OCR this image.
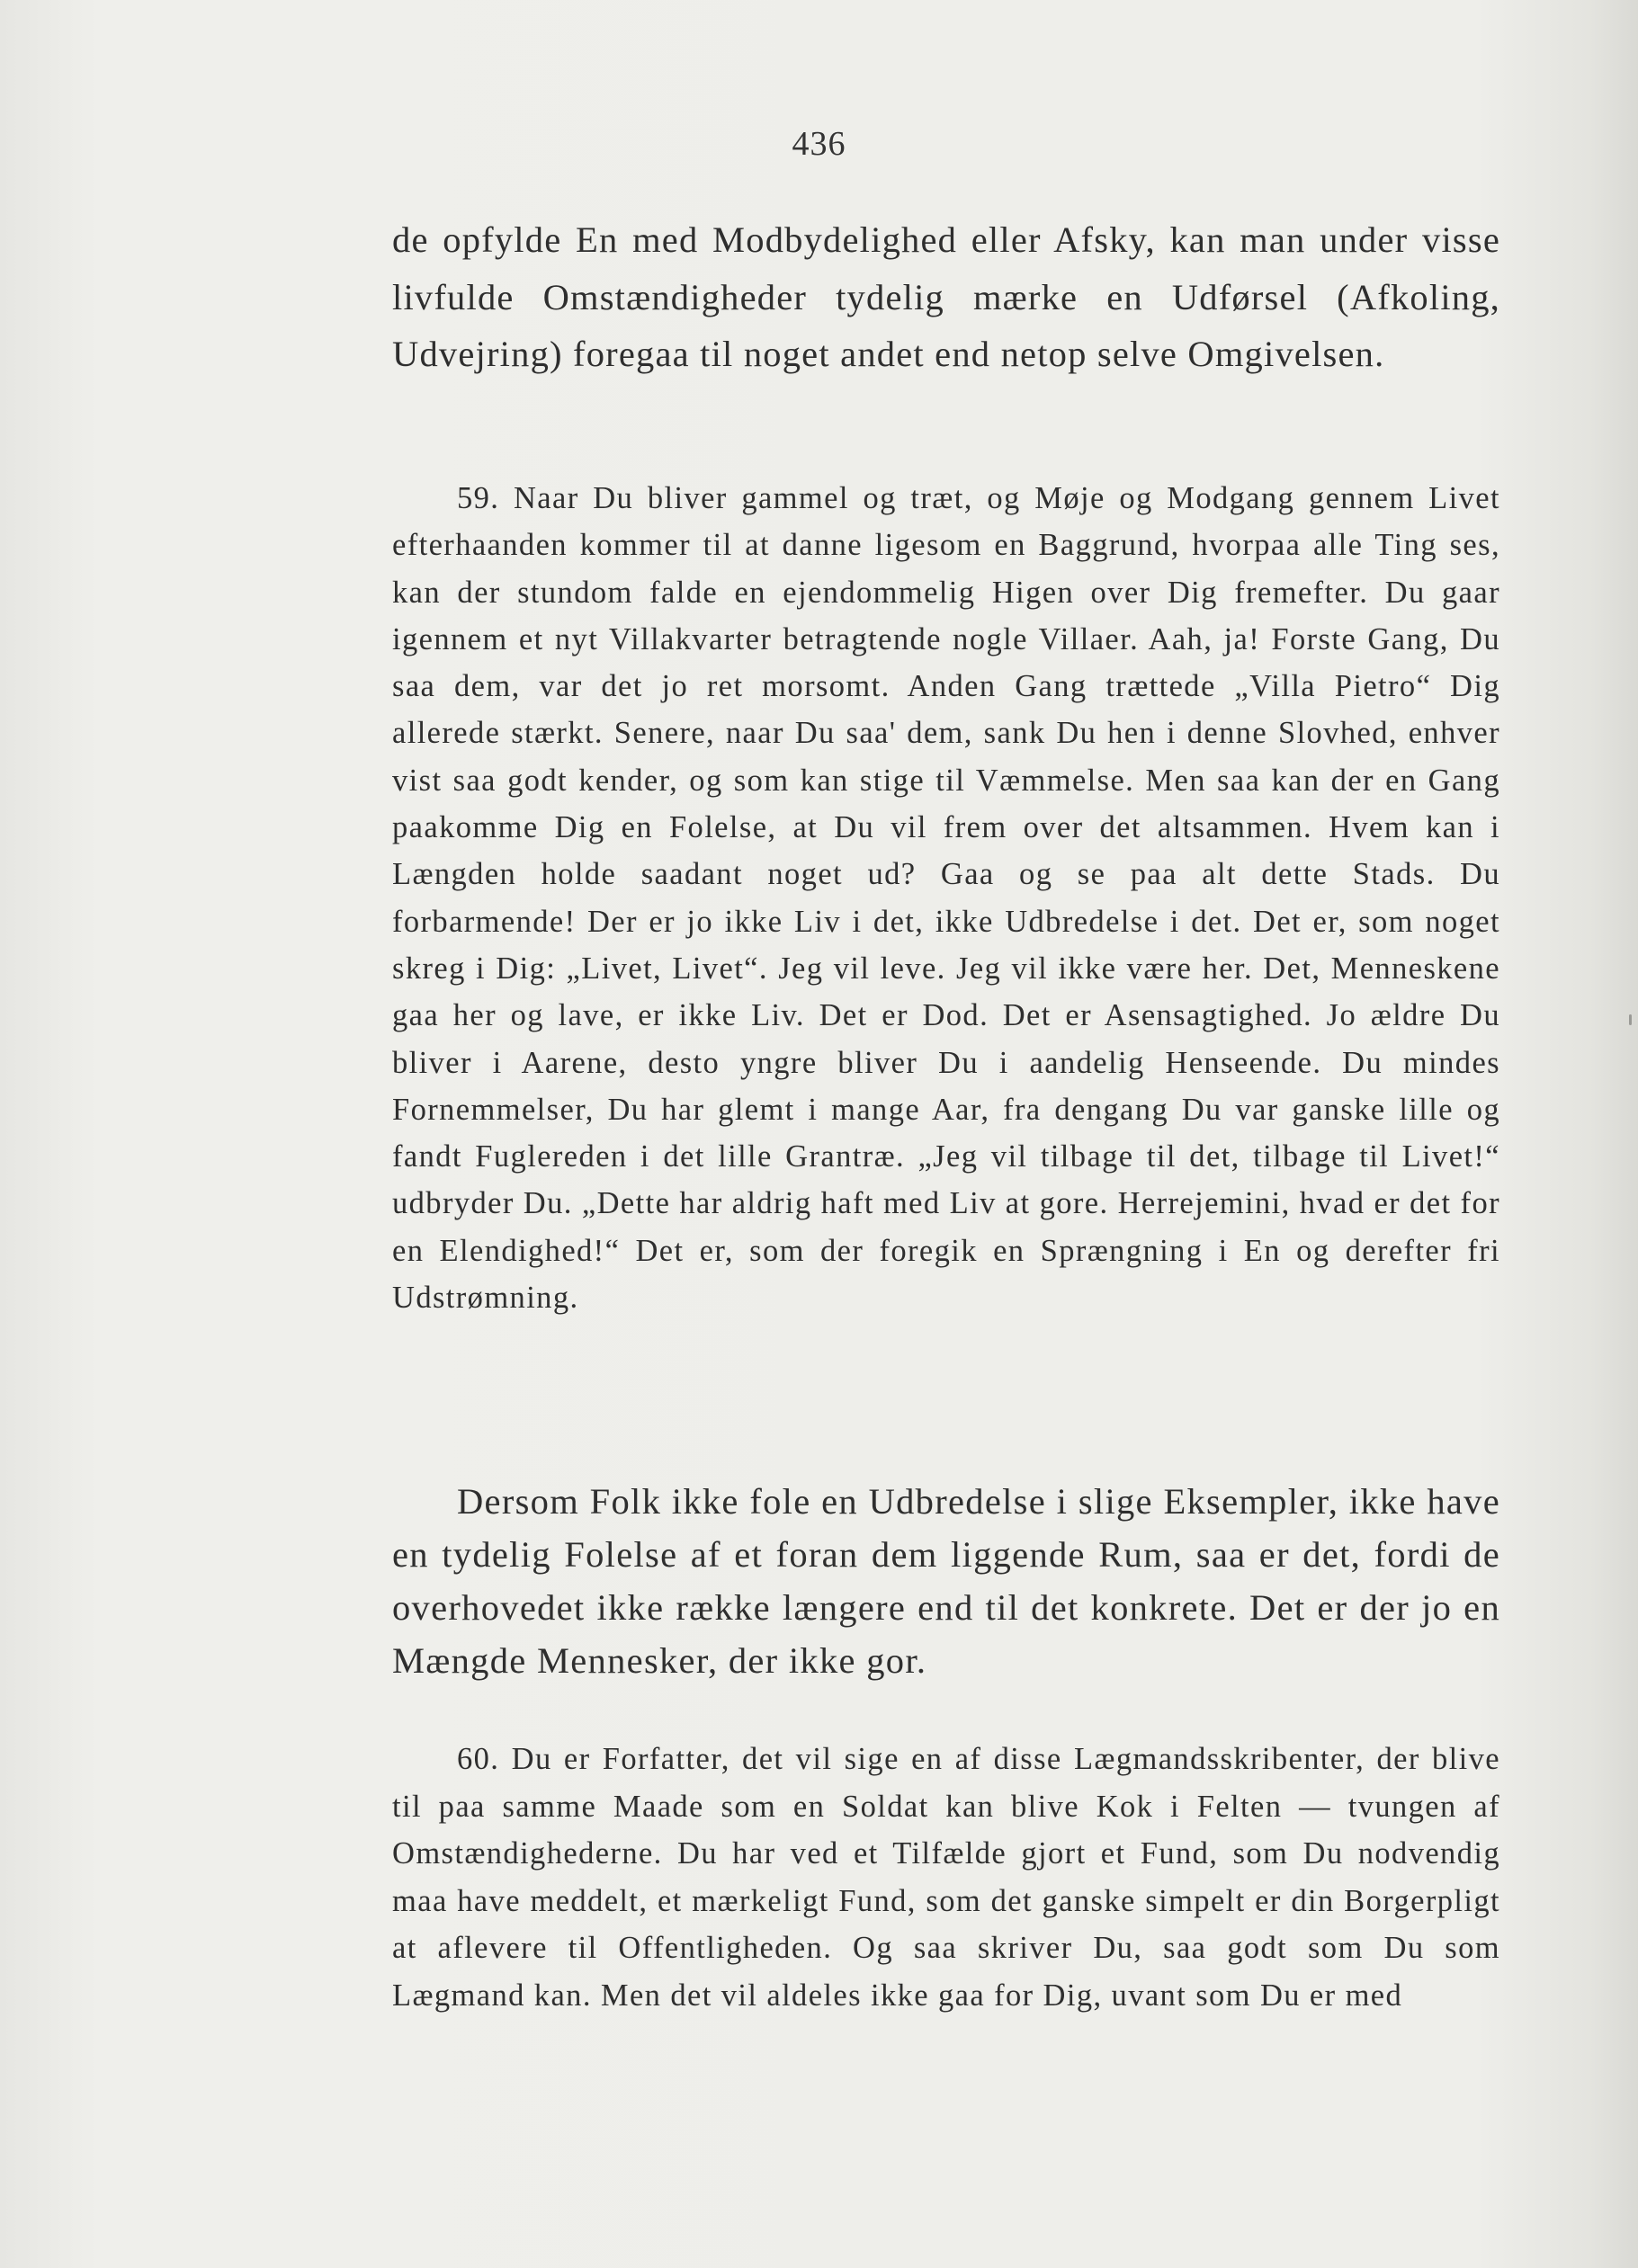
436

de opfylde En med Modbydelighed eller Afsky, kan man under visse livfulde Omstændigheder tydelig mærke en Udførsel (Afkoling, Udvejring) foregaa til noget andet end netop selve Omgivelsen.

59. Naar Du bliver gammel og træt, og Møje og Modgang gennem Livet efterhaanden kommer til at danne ligesom en Baggrund, hvorpaa alle Ting ses, kan der stundom falde en ejendommelig Higen over Dig fremefter. Du gaar igennem et nyt Villakvarter betragtende nogle Villaer. Aah, ja! Forste Gang, Du saa dem, var det jo ret morsomt. Anden Gang trættede „Villa Pietro“ Dig allerede stærkt. Senere, naar Du saa' dem, sank Du hen i denne Slovhed, enhver vist saa godt kender, og som kan stige til Væmmelse. Men saa kan der en Gang paakomme Dig en Folelse, at Du vil frem over det altsammen. Hvem kan i Længden holde saadant noget ud? Gaa og se paa alt dette Stads. Du forbarmende! Der er jo ikke Liv i det, ikke Udbredelse i det. Det er, som noget skreg i Dig: „Livet, Livet“. Jeg vil leve. Jeg vil ikke være her. Det, Menneskene gaa her og lave, er ikke Liv. Det er Dod. Det er Asensagtighed. Jo ældre Du bliver i Aarene, desto yngre bliver Du i aandelig Henseende. Du mindes Fornemmelser, Du har glemt i mange Aar, fra dengang Du var ganske lille og fandt Fuglereden i det lille Grantræ. „Jeg vil tilbage til det, tilbage til Livet!“ udbryder Du. „Dette har aldrig haft med Liv at gore. Herrejemini, hvad er det for en Elendighed!“ Det er, som der foregik en Sprængning i En og derefter fri Udstrømning.

Dersom Folk ikke fole en Udbredelse i slige Eksempler, ikke have en tydelig Folelse af et foran dem liggende Rum, saa er det, fordi de overhovedet ikke række længere end til det konkrete. Det er der jo en Mængde Mennesker, der ikke gor.

60. Du er Forfatter, det vil sige en af disse Lægmandsskribenter, der blive til paa samme Maade som en Soldat kan blive Kok i Felten — tvungen af Omstændighederne. Du har ved et Tilfælde gjort et Fund, som Du nodvendig maa have meddelt, et mærkeligt Fund, som det ganske simpelt er din Borgerpligt at aflevere til Offentligheden. Og saa skriver Du, saa godt som Du som Lægmand kan. Men det vil aldeles ikke gaa for Dig, uvant som Du er med
